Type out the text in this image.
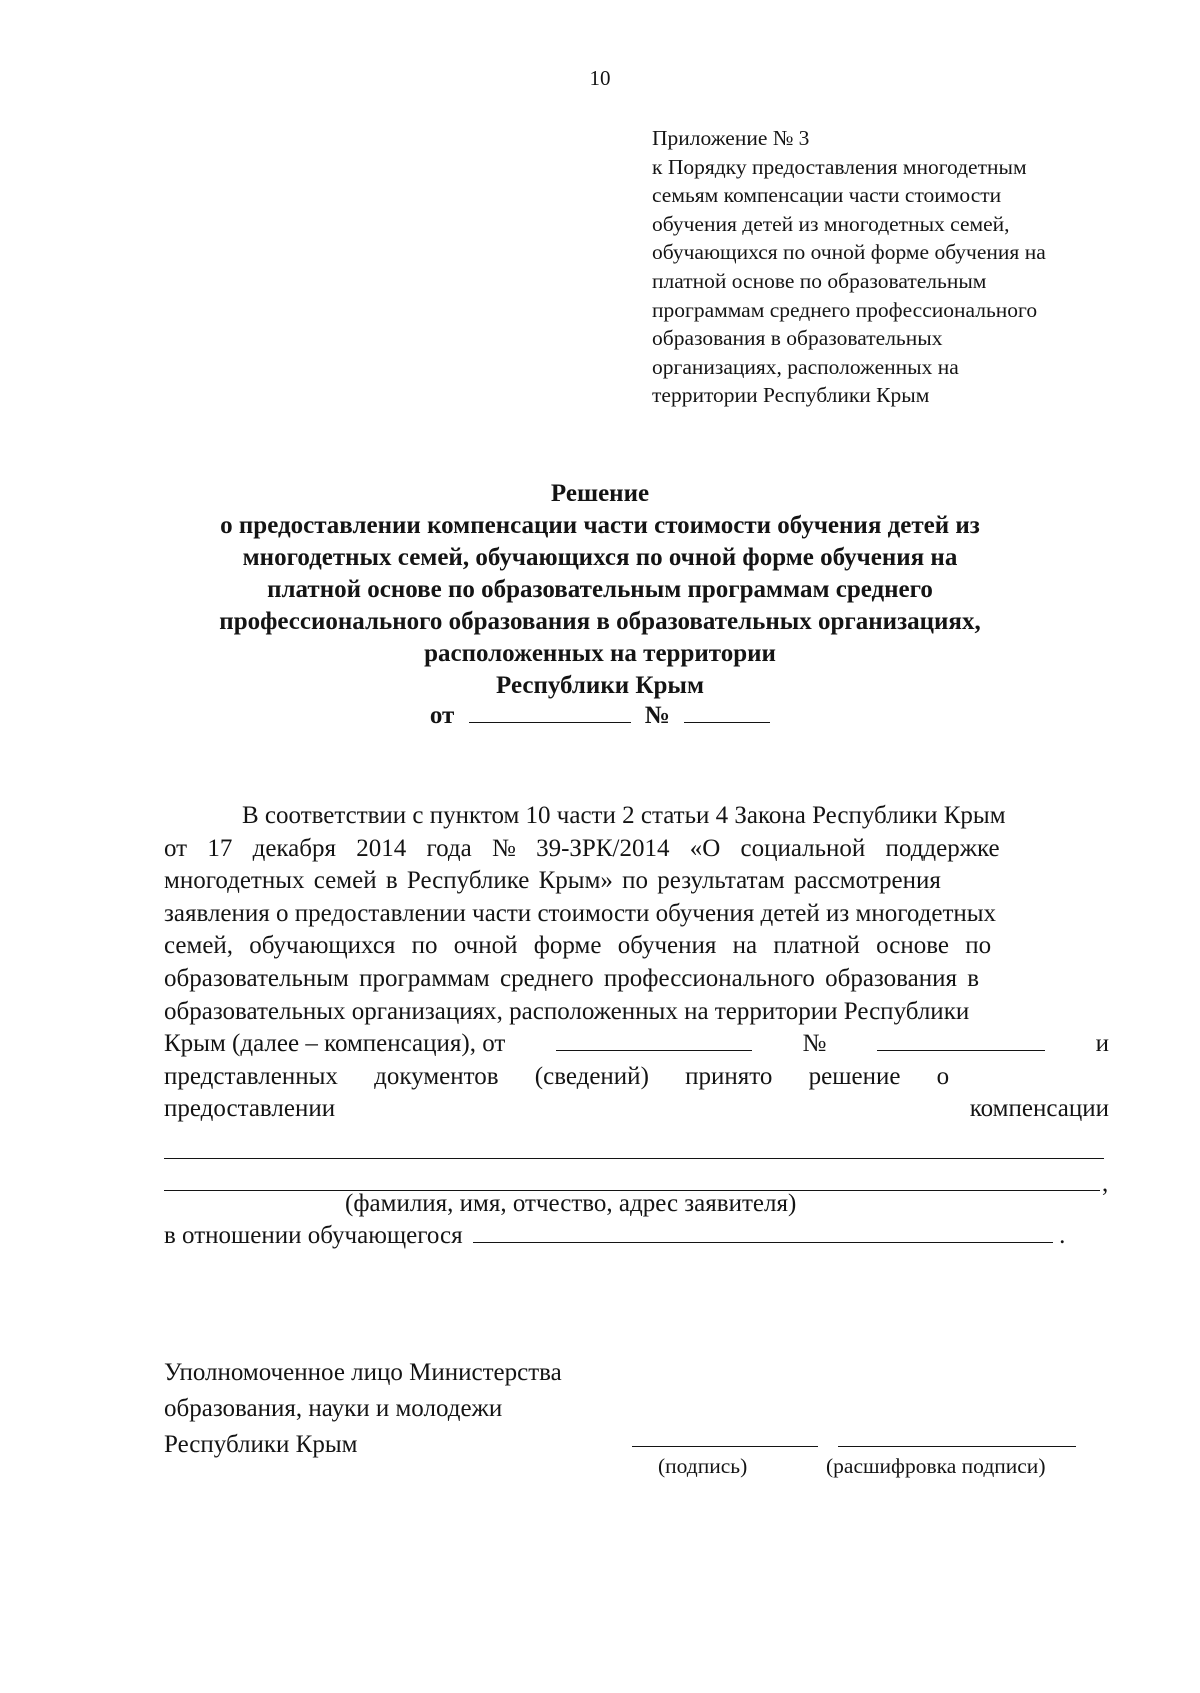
10
Приложение № 3
к Порядку предоставления многодетным
семьям компенсации части стоимости
обучения детей из многодетных семей,
обучающихся по очной форме обучения на
платной основе по образовательным
программам среднего профессионального
образования в образовательных
организациях, расположенных на
территории Республики Крым
Решение
о предоставлении компенсации части стоимости обучения детей из
многодетных семей, обучающихся по очной форме обучения на
платной основе по образовательным программам среднего
профессионального образования в образовательных организациях,
расположенных на территории
Республики Крым
от	№
В соответствии с пунктом 10 части 2 статьи 4 Закона Республики Крым
от 17 декабря 2014 года № 39-ЗРК/2014 «О социальной поддержке
многодетных семей в Республике Крым» по результатам рассмотрения
заявления о предоставлении части стоимости обучения детей из многодетных
семей, обучающихся по очной форме обучения на платной основе по
образовательным программам среднего профессионального образования в
образовательных организациях, расположенных на территории Республики
Крым (далее – компенсация), от	№	и
представленных документов (сведений) принято решение о
предоставлении	компенсации
,
(фамилия, имя, отчество, адрес заявителя)
в отношении обучающегося	.
Уполномоченное лицо Министерства
образования, науки и молодежи
Республики Крым
(подпись)	(расшифровка подписи)
